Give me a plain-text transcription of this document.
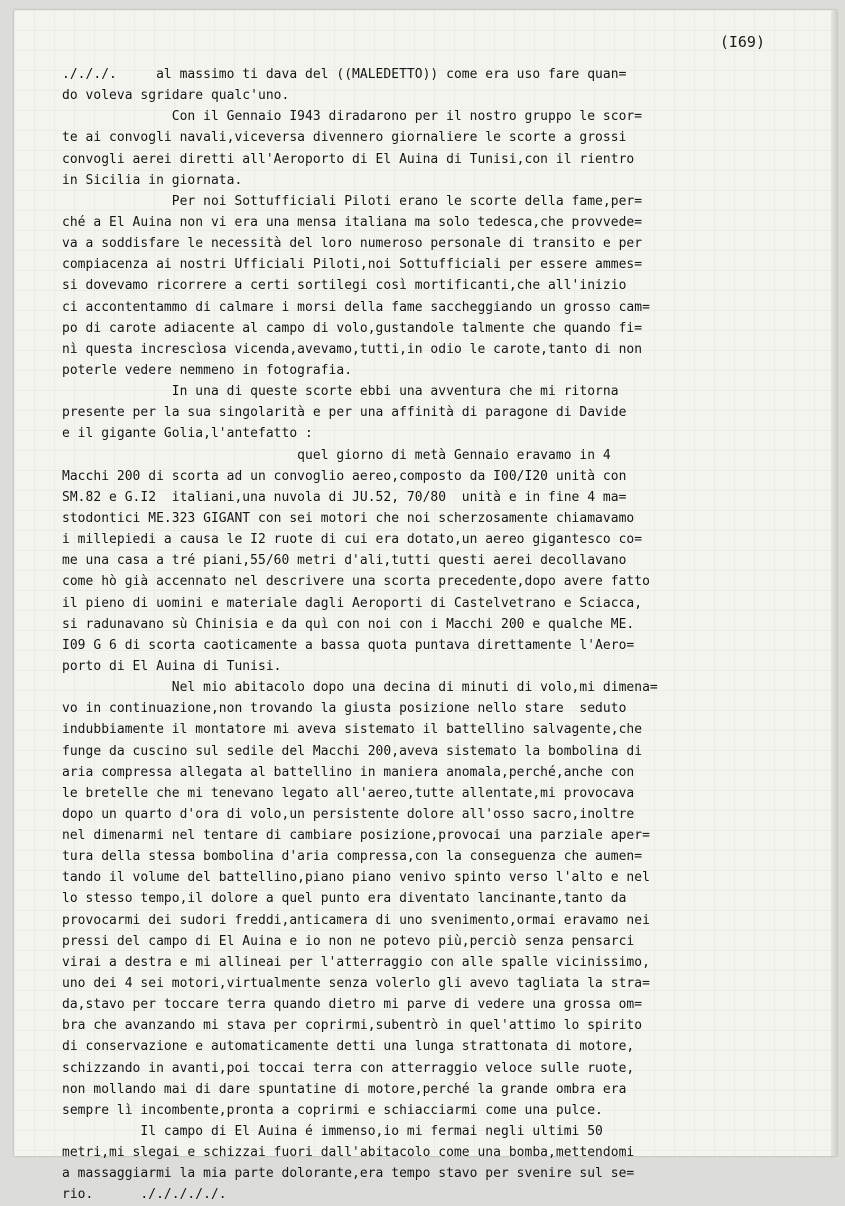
(I69)
./././.     al massimo ti dava del ((MALEDETTO)) come era uso fare quan=
do voleva sgridare qualc'uno.
Con il Gennaio I943 diradarono per il nostro gruppo le scor=
te ai convogli navali,viceversa divennero giornaliere le scorte a grossi
convogli aerei diretti all'Aeroporto di El Auina di Tunisi,con il rientro
in Sicilia in giornata.
Per noi Sottufficiali Piloti erano le scorte della fame,per=
ché a El Auina non vi era una mensa italiana ma solo tedesca,che provvede=
va a soddisfare le necessità del loro numeroso personale di transito e per
compiacenza ai nostri Ufficiali Piloti,noi Sottufficiali per essere ammes=
si dovevamo ricorrere a certi sortilegi così mortificanti,che all'inizio
ci accontentammo di calmare i morsi della fame saccheggiando un grosso cam=
po di carote adiacente al campo di volo,gustandole talmente che quando fi=
nì questa increscìosa vicenda,avevamo,tutti,in odio le carote,tanto di non
poterle vedere nemmeno in fotografia.
In una di queste scorte ebbi una avventura che mi ritorna
presente per la sua singolarità e per una affinità di paragone di Davide
e il gigante Golia,l'antefatto :
quel giorno di metà Gennaio eravamo in 4
Macchi 200 di scorta ad un convoglio aereo,composto da I00/I20 unità con
SM.82 e G.I2  italiani,una nuvola di JU.52, 70/80  unità e in fine 4 ma=
stodontici ME.323 GIGANT con sei motori che noi scherzosamente chiamavamo
i millepiedi a causa le I2 ruote di cui era dotato,un aereo gigantesco co=
me una casa a tré piani,55/60 metri d'ali,tutti questi aerei decollavano
come hò già accennato nel descrivere una scorta precedente,dopo avere fatto
il pieno di uomini e materiale dagli Aeroporti di Castelvetrano e Sciacca,
si radunavano sù Chinisia e da quì con noi con i Macchi 200 e qualche ME.
I09 G 6 di scorta caoticamente a bassa quota puntava direttamente l'Aero=
porto di El Auina di Tunisi.
Nel mio abitacolo dopo una decina di minuti di volo,mi dimena=
vo in continuazione,non trovando la giusta posizione nello stare  seduto
indubbiamente il montatore mi aveva sistemato il battellino salvagente,che
funge da cuscino sul sedile del Macchi 200,aveva sistemato la bombolina di
aria compressa allegata al battellino in maniera anomala,perché,anche con
le bretelle che mi tenevano legato all'aereo,tutte allentate,mi provocava
dopo un quarto d'ora di volo,un persistente dolore all'osso sacro,inoltre
nel dimenarmi nel tentare di cambiare posizione,provocai una parziale aper=
tura della stessa bombolina d'aria compressa,con la conseguenza che aumen=
tando il volume del battellino,piano piano venivo spinto verso l'alto e nel
lo stesso tempo,il dolore a quel punto era diventato lancinante,tanto da
provocarmi dei sudori freddi,anticamera di uno svenimento,ormai eravamo nei
pressi del campo di El Auina e io non ne potevo più,perciò senza pensarci
virai a destra e mi allineai per l'atterraggio con alle spalle vicinissimo,
uno dei 4 sei motori,virtualmente senza volerlo gli avevo tagliata la stra=
da,stavo per toccare terra quando dietro mi parve di vedere una grossa om=
bra che avanzando mi stava per coprirmi,subentrò in quel'attimo lo spirito
di conservazione e automaticamente detti una lunga strattonata di motore,
schizzando in avanti,poi toccai terra con atterraggio veloce sulle ruote,
non mollando mai di dare spuntatine di motore,perché la grande ombra era
sempre lì incombente,pronta a coprirmi e schiacciarmi come una pulce.
Il campo di El Auina é immenso,io mi fermai negli ultimi 50
metri,mi slegai e schizzai fuori dall'abitacolo come una bomba,mettendomi
a massaggiarmi la mia parte dolorante,era tempo stavo per svenire sul se=
rio.      ./././././.
